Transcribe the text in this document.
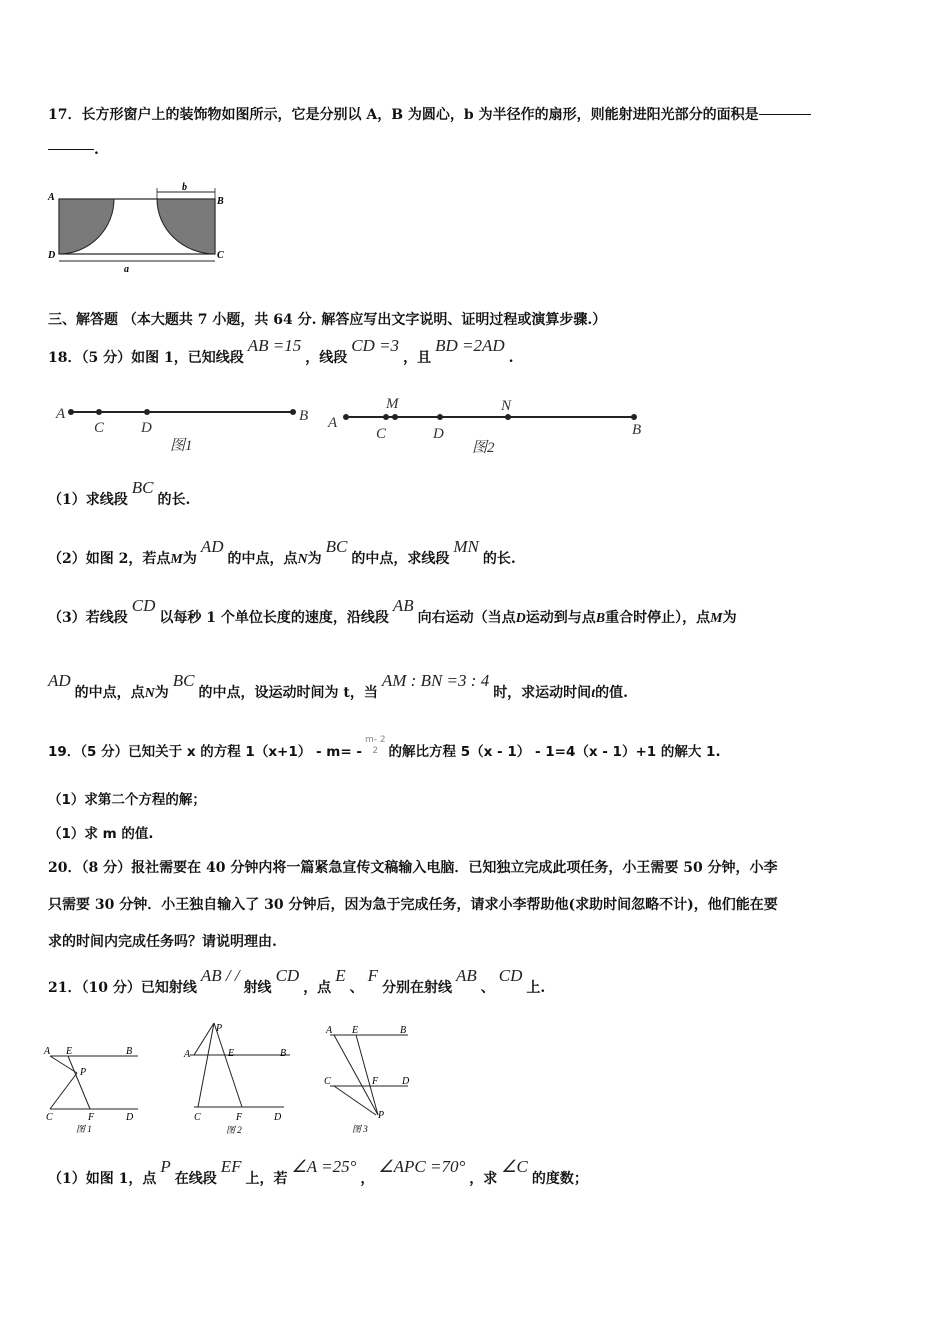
17．长方形窗户上的装饰物如图所示，它是分别以 A，B 为圆心，b 为半径作的扇形，则能射进阳光部分的面积是
.
A	B
C
D
b
a
三、解答题 （本大题共 7 小题，共 64 分. 解答应写出文字说明、证明过程或演算步骤.）
18．（5 分）如图 1，已知线段AB =15，线段CD =3，且BD =2AD.
A
C D
B
图1
A
M
C	D
N
B
图2
（1）求线段BC的长.
（2）如图 2，若点M为AD的中点，点N为BC的中点，求线段MN的长.
（3）若线段CD以每秒 1 个单位长度的速度，沿线段AB向右运动（当点D运动到与点B重合时停止），点M为
AD的中点，点N为BC的中点，设运动时间为 t，当AM : BN =3 : 4时，求运动时间t的值.
19．（5 分）已知关于 x 的方程 1（x+1） - m= -
m- 2
2 的解比方程 5（x - 1） - 1=4（x - 1）+1 的解大 1.
（1）求第二个方程的解；
（1）求 m 的值.
20．（8 分）报社需要在 40 分钟内将一篇紧急宣传文稿输入电脑．已知独立完成此项任务，小王需要 50 分钟，小李
只需要 30 分钟．小王独自输入了 30 分钟后，因为急于完成任务，请求小李帮助他(求助时间忽略不计)，他们能在要
求的时间内完成任务吗？请说明理由.
21．（10 分）已知射线AB / /射线CD，点E、F分别在射线AB、CD上.
A E	B
P
C	F	D
图 1
P
A	E	B
C	F	D
图 2
A E	B
C	F D
P
图 3
（1）如图 1，点P在线段EF上，若∠A =25°，∠APC =70°，求∠C的度数；
